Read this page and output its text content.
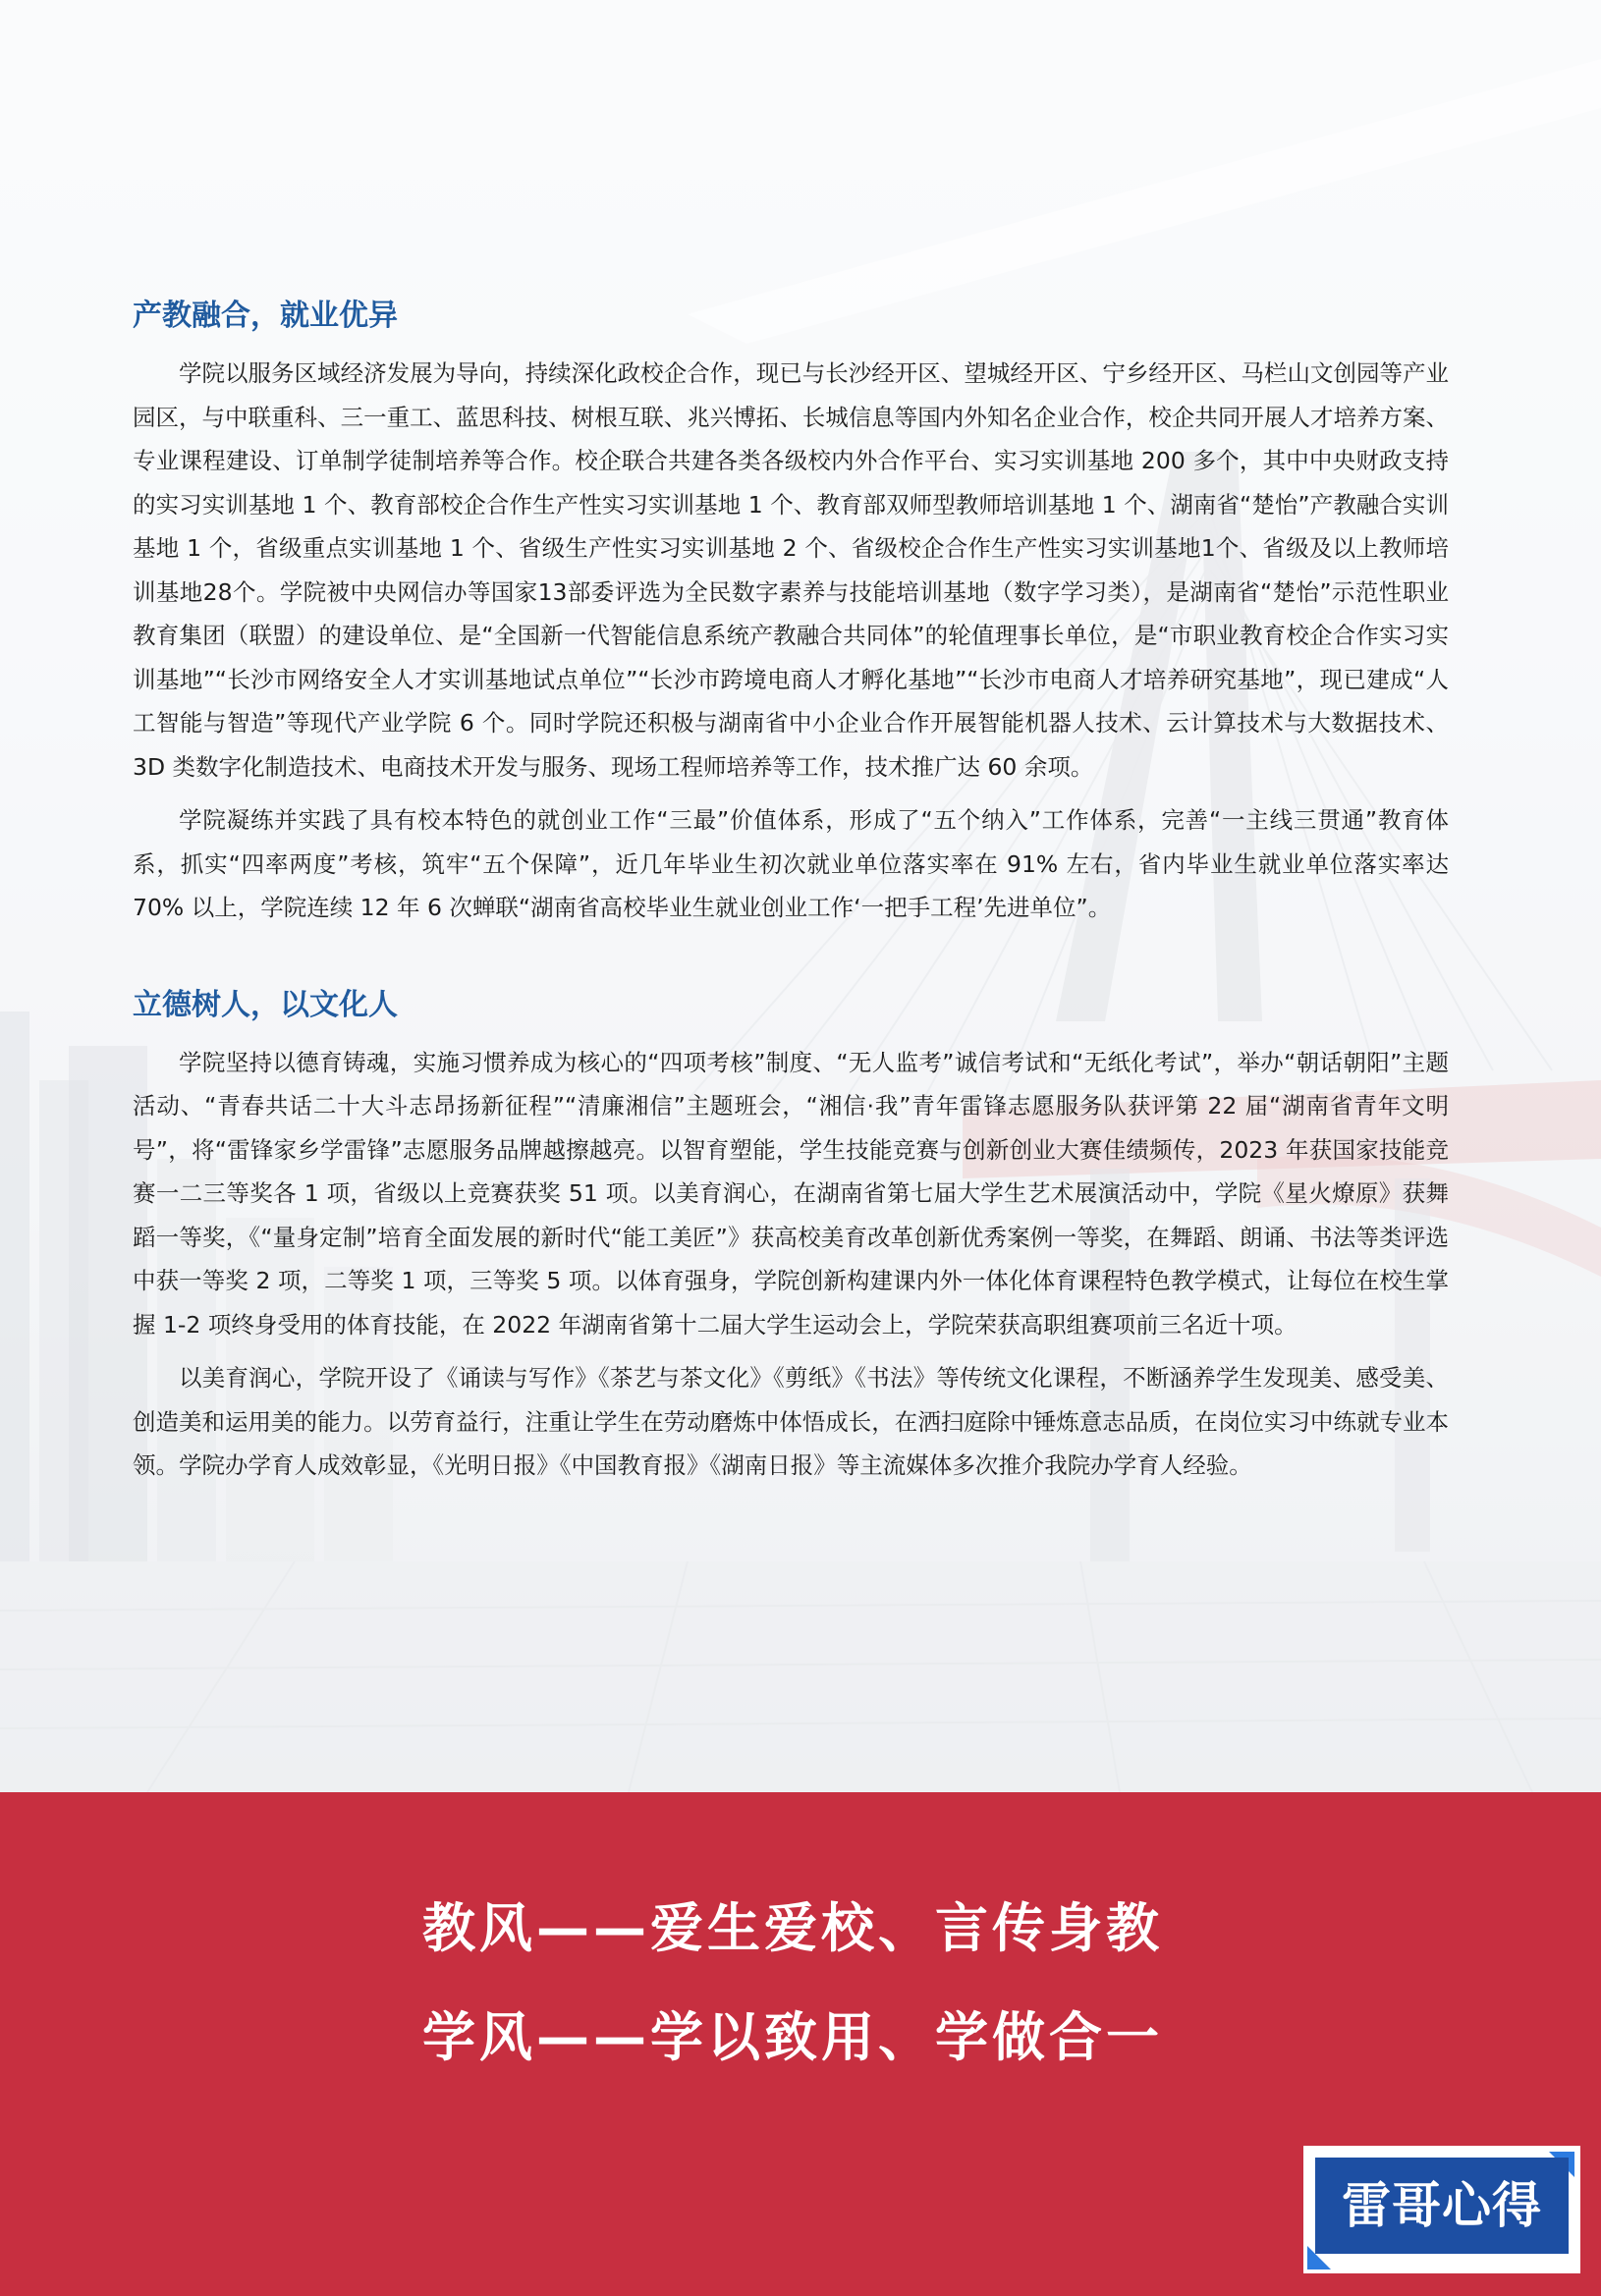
产教融合，就业优异

学院以服务区域经济发展为导向，持续深化政校企合作，现已与长沙经开区、望城经开区、宁乡经开区、马栏山文创园等产业园区，与中联重科、三一重工、蓝思科技、树根互联、兆兴博拓、长城信息等国内外知名企业合作，校企共同开展人才培养方案、专业课程建设、订单制学徒制培养等合作。校企联合共建各类各级校内外合作平台、实习实训基地 200 多个，其中中央财政支持的实习实训基地 1 个、教育部校企合作生产性实习实训基地 1 个、教育部双师型教师培训基地 1 个、湖南省“楚怡”产教融合实训基地 1 个，省级重点实训基地 1 个、省级生产性实习实训基地 2 个、省级校企合作生产性实习实训基地1个、省级及以上教师培训基地28个。学院被中央网信办等国家13部委评选为全民数字素养与技能培训基地（数字学习类），是湖南省“楚怡”示范性职业教育集团（联盟）的建设单位、是“全国新一代智能信息系统产教融合共同体”的轮值理事长单位，是“市职业教育校企合作实习实训基地”“长沙市网络安全人才实训基地试点单位”“长沙市跨境电商人才孵化基地”“长沙市电商人才培养研究基地”，现已建成“人工智能与智造”等现代产业学院 6 个。同时学院还积极与湖南省中小企业合作开展智能机器人技术、云计算技术与大数据技术、3D 类数字化制造技术、电商技术开发与服务、现场工程师培养等工作，技术推广达 60 余项。

学院凝练并实践了具有校本特色的就创业工作“三最”价值体系，形成了“五个纳入”工作体系，完善“一主线三贯通”教育体系，抓实“四率两度”考核，筑牢“五个保障”，近几年毕业生初次就业单位落实率在 91% 左右，省内毕业生就业单位落实率达 70% 以上，学院连续 12 年 6 次蝉联“湖南省高校毕业生就业创业工作‘一把手工程’先进单位”。

立德树人，以文化人

学院坚持以德育铸魂，实施习惯养成为核心的“四项考核”制度、“无人监考”诚信考试和“无纸化考试”，举办“朝话朝阳”主题活动、“青春共话二十大斗志昂扬新征程”“清廉湘信”主题班会，“湘信·我”青年雷锋志愿服务队获评第 22 届“湖南省青年文明号”，将“雷锋家乡学雷锋”志愿服务品牌越擦越亮。以智育塑能，学生技能竞赛与创新创业大赛佳绩频传，2023 年获国家技能竞赛一二三等奖各 1 项，省级以上竞赛获奖 51 项。以美育润心，在湖南省第七届大学生艺术展演活动中，学院《星火燎原》获舞蹈一等奖，《“量身定制”培育全面发展的新时代“能工美匠”》获高校美育改革创新优秀案例一等奖，在舞蹈、朗诵、书法等类评选中获一等奖 2 项，二等奖 1 项，三等奖 5 项。以体育强身，学院创新构建课内外一体化体育课程特色教学模式，让每位在校生掌握 1-2 项终身受用的体育技能，在 2022 年湖南省第十二届大学生运动会上，学院荣获高职组赛项前三名近十项。

以美育润心，学院开设了《诵读与写作》《茶艺与茶文化》《剪纸》《书法》等传统文化课程，不断涵养学生发现美、感受美、创造美和运用美的能力。以劳育益行，注重让学生在劳动磨炼中体悟成长，在洒扫庭除中锤炼意志品质，在岗位实习中练就专业本领。学院办学育人成效彰显，《光明日报》《中国教育报》《湖南日报》等主流媒体多次推介我院办学育人经验。

教风——爱生爱校、言传身教
学风——学以致用、学做合一
雷哥心得
